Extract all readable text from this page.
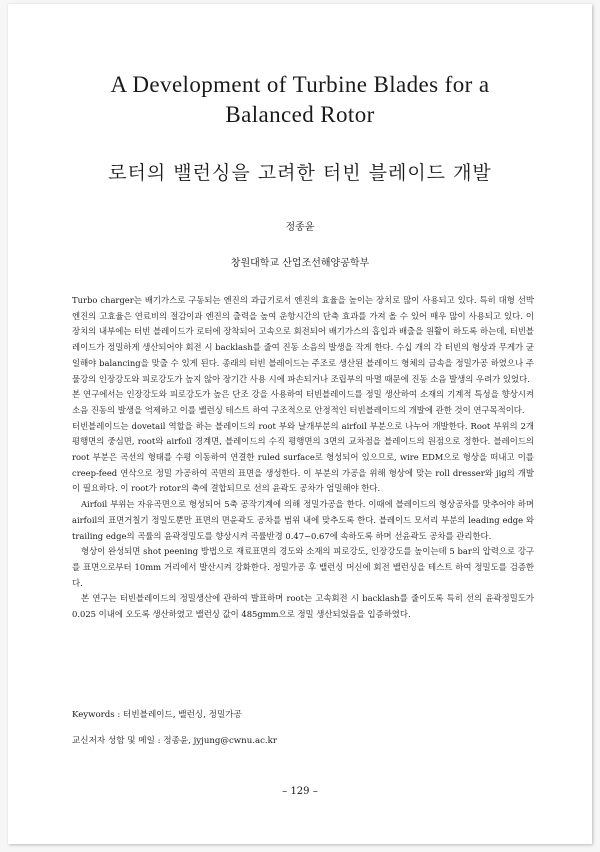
A Development of Turbine Blades for a Balanced Rotor
로터의 밸런싱을 고려한 터빈 블레이드 개발
정종윤
창원대학교 산업조선해양공학부

Turbo charger는 배기가스로 구동되는 엔진의 과급기로서 엔진의 효율을 높이는 장치로 많이 사용되고 있다. 특히 대형 선박엔진의 고효율은 연료비의 절감이과 엔진의 출력을 높여 운항시간의 단축 효과를 가져 올 수 있어 매우 많이 사용되고 있다. 이 장치의 내부에는 터빈 블레이드가 로터에 장착되어 고속으로 회전되어 배기가스의 흡입과 배출을 원활이 하도록 하는데, 터빈블레이드가 정밀하게 생산되어야 회전 시 backlash를 줄여 진동 소음의 발생을 작게 한다. 수십 개의 각 터빈의 형상과 무게가 균일해야 balancing을 맞출 수 있게 된다. 종래의 터빈 블레이드는 주조로 생산된 블레이드 형체의 금속을 정밀가공 하였으나 주물강의 인장강도와 피로강도가 높지 않아 장기간 사용 시에 파손되거나 조립부의 마멸 때문에 진동 소음 발생의 우려가 있었다.

본 연구에서는 인장강도와 피로강도가 높은 단조 강을 사용하여 터빈블레이드를 정밀 생산하여 소재의 기계적 특성을 향상시켜 소음 진동의 발생을 억제하고 이를 밸런싱 테스트 하여 구조적으로 안정적인 터빈블레이드의 개발에 관한 것이 연구목적이다.

터빈블레이드는 dovetail 역할을 하는 블레이드의 root 부와 날개부분의 airfoil 부분으로 나누어 개발한다. Root 부위의 2개 평행면의 중심면, root와 airfoil 경계면, 블레이드의 수직 평행면의 3면의 교차점을 블레이드의 원점으로 정한다. 블레이드의 root 부분은 곡선의 형태를 수평 이동하여 연결한 ruled surface로 형성되어 있으므로, wire EDM으로 형상을 떠내고 이를 creep-feed 연삭으로 정밀 가공하여 곡면의 표면을 생성한다. 이 부분의 가공을 위해 형상에 맞는 roll dresser와 jig의 개발이 필요하다. 이 root가 rotor의 축에 결합되므로 선의 윤곽도 공차가 엄밀해야 한다.

Airfoil 부위는 자유곡면으로 형성되어 5축 공작기계에 의해 정밀가공을 한다. 이때에 블레이드의 형상공차를 맞추어야 하며 airfoil의 표면거칠기 정밀도뿐만 표면의 면윤곽도 공차를 범위 내에 맞추도록 한다. 블레이드 모서리 부분의 leading edge 와 trailing edge의 곡률의 윤곽정밀도를 향상시켜 곡률반경 0.47~0.67에 속하도록 하며 선윤곽도 공차를 관리한다.

형상이 완성되면 shot peening 방법으로 재료표면의 경도와 소재의 피로강도, 인장강도를 높이는데 5 bar의 압력으로 강구를 표면으로부터 10mm 거리에서 발산시켜 강화한다. 정밀가공 후 밸런싱 머신에 회전 밸런싱을 테스트 하여 정밀도를 검증한다.

본 연구는 터빈블레이드의 정밀생산에 관하여 발표하며 root는 고속회전 시 backlash를 줄이도록 특히 선의 윤곽정밀도가 0.025 이내에 오도록 생산하였고 밸런싱 값이 485gmm으로 정밀 생산되었음을 입증하였다.

Keywords : 터빈블레이드, 밸런싱, 정밀가공
교신저자 성함 및 메일 : 정종윤, jyjung@cwnu.ac.kr
– 129 –
